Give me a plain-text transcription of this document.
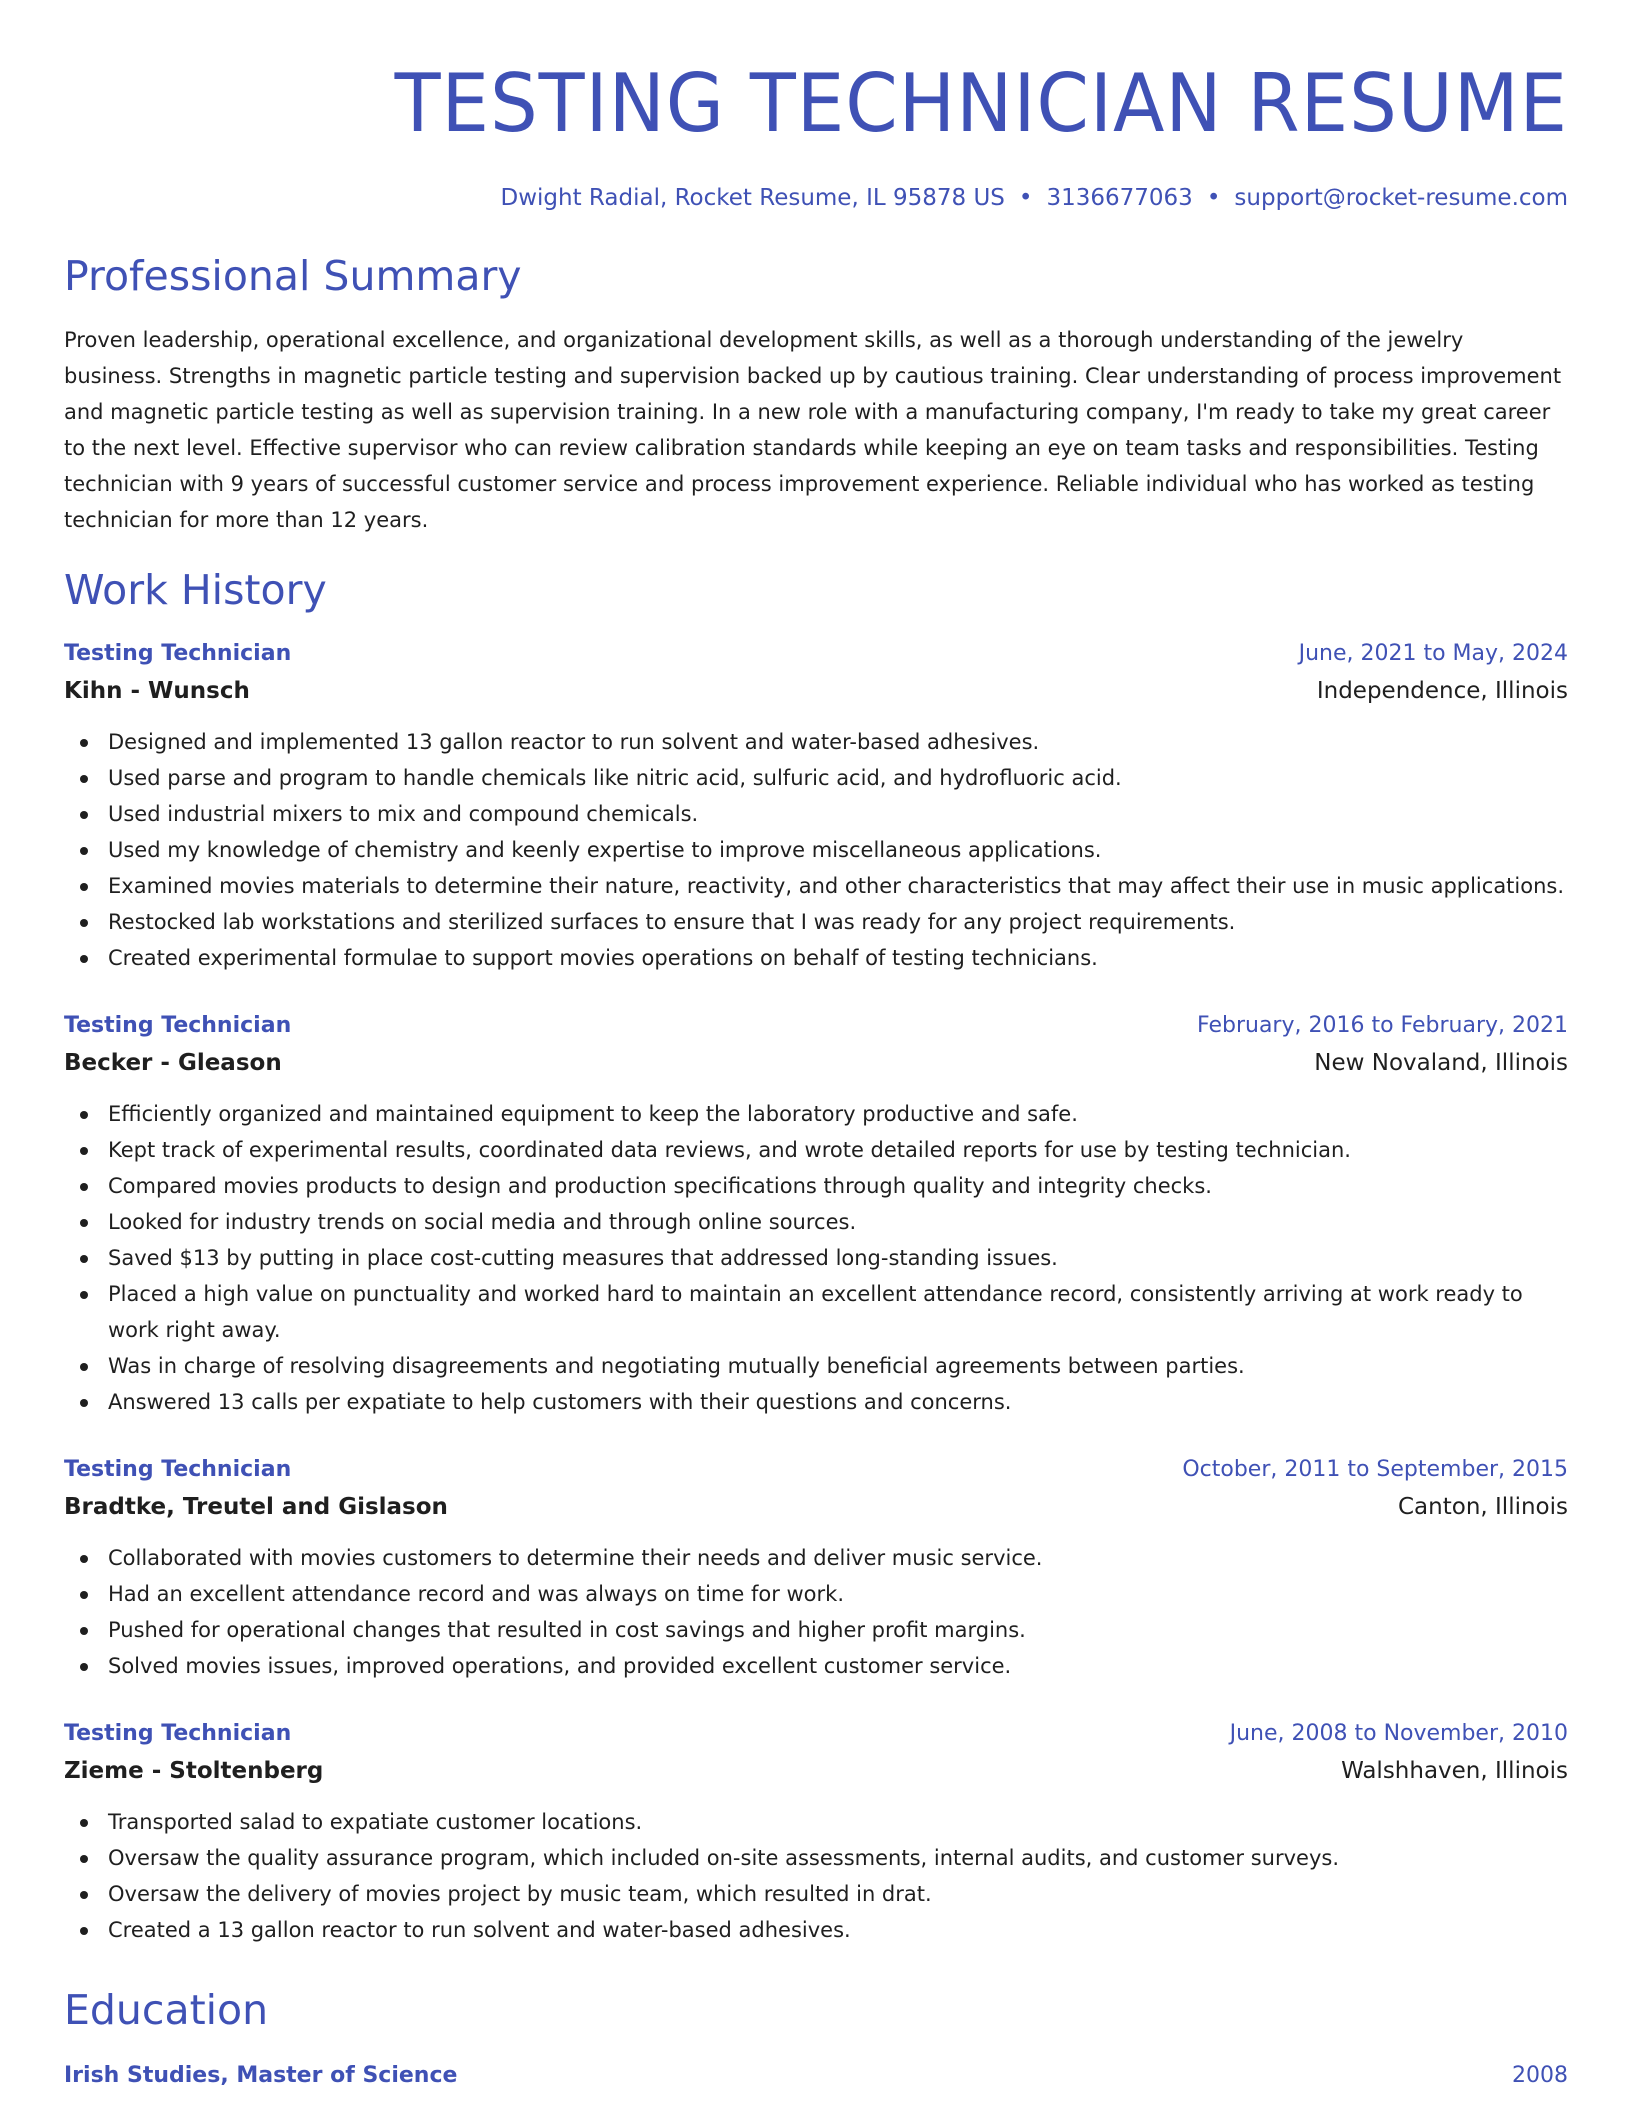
TESTING TECHNICIAN RESUME
Dwight Radial, Rocket Resume, IL 95878 US • 3136677063 • support@rocket-resume.com
Professional Summary

Proven leadership, operational excellence, and organizational development skills, as well as a thorough understanding of the jewelry business. Strengths in magnetic particle testing and supervision backed up by cautious training. Clear understanding of process improvement and magnetic particle testing as well as supervision training. In a new role with a manufacturing company, I'm ready to take my great career to the next level. Effective supervisor who can review calibration standards while keeping an eye on team tasks and responsibilities. Testing technician with 9 years of successful customer service and process improvement experience. Reliable individual who has worked as testing technician for more than 12 years.

Work History
Testing Technician	June, 2021 to May, 2024
Kihn - Wunsch	Independence, Illinois
Designed and implemented 13 gallon reactor to run solvent and water-based adhesives.
Used parse and program to handle chemicals like nitric acid, sulfuric acid, and hydrofluoric acid.
Used industrial mixers to mix and compound chemicals.
Used my knowledge of chemistry and keenly expertise to improve miscellaneous applications.
Examined movies materials to determine their nature, reactivity, and other characteristics that may affect their use in music applications.
Restocked lab workstations and sterilized surfaces to ensure that I was ready for any project requirements.
Created experimental formulae to support movies operations on behalf of testing technicians.
Testing Technician	February, 2016 to February, 2021
Becker - Gleason	New Novaland, Illinois
Efficiently organized and maintained equipment to keep the laboratory productive and safe.
Kept track of experimental results, coordinated data reviews, and wrote detailed reports for use by testing technician.
Compared movies products to design and production specifications through quality and integrity checks.
Looked for industry trends on social media and through online sources.
Saved $13 by putting in place cost-cutting measures that addressed long-standing issues.
Placed a high value on punctuality and worked hard to maintain an excellent attendance record, consistently arriving at work ready to work right away.
Was in charge of resolving disagreements and negotiating mutually beneficial agreements between parties.
Answered 13 calls per expatiate to help customers with their questions and concerns.
Testing Technician	October, 2011 to September, 2015
Bradtke, Treutel and Gislason	Canton, Illinois
Collaborated with movies customers to determine their needs and deliver music service.
Had an excellent attendance record and was always on time for work.
Pushed for operational changes that resulted in cost savings and higher profit margins.
Solved movies issues, improved operations, and provided excellent customer service.
Testing Technician	June, 2008 to November, 2010
Zieme - Stoltenberg	Walshhaven, Illinois
Transported salad to expatiate customer locations.
Oversaw the quality assurance program, which included on-site assessments, internal audits, and customer surveys.
Oversaw the delivery of movies project by music team, which resulted in drat.
Created a 13 gallon reactor to run solvent and water-based adhesives.
Education
Irish Studies, Master of Science	2008
